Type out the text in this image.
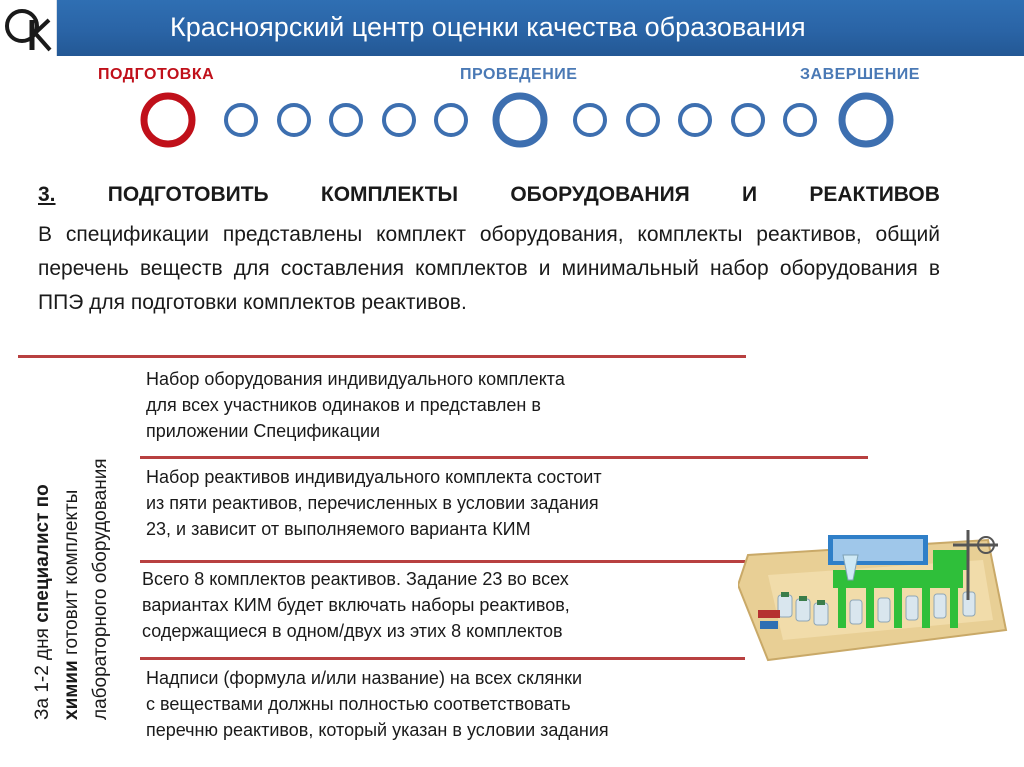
ОК
Красноярский центр оценки качества образования
ПОДГОТОВКА	ПРОВЕДЕНИЕ	ЗАВЕРШЕНИЕ
3. ПОДГОТОВИТЬ КОМПЛЕКТЫ ОБОРУДОВАНИЯ И РЕАКТИВОВ
В спецификации представлены комплект оборудования, комплекты реактивов, общий перечень веществ для составления комплектов и минимальный набор оборудования в ППЭ для подготовки комплектов реактивов.
За 1-2 дня специалист по
химии готовит комплекты лабораторного оборудования
Набор оборудования индивидуального комплекта
для всех участников одинаков и представлен в
приложении Спецификации
Набор реактивов индивидуального комплекта состоит
из пяти реактивов, перечисленных в условии задания
23, и зависит от выполняемого варианта КИМ
Всего 8 комплектов реактивов. Задание 23 во всех
вариантах КИМ будет включать наборы реактивов,
содержащиеся в одном/двух из этих 8 комплектов
Надписи (формула и/или название) на всех склянки
с веществами должны полностью соответствовать
перечню реактивов, который указан в условии задания
